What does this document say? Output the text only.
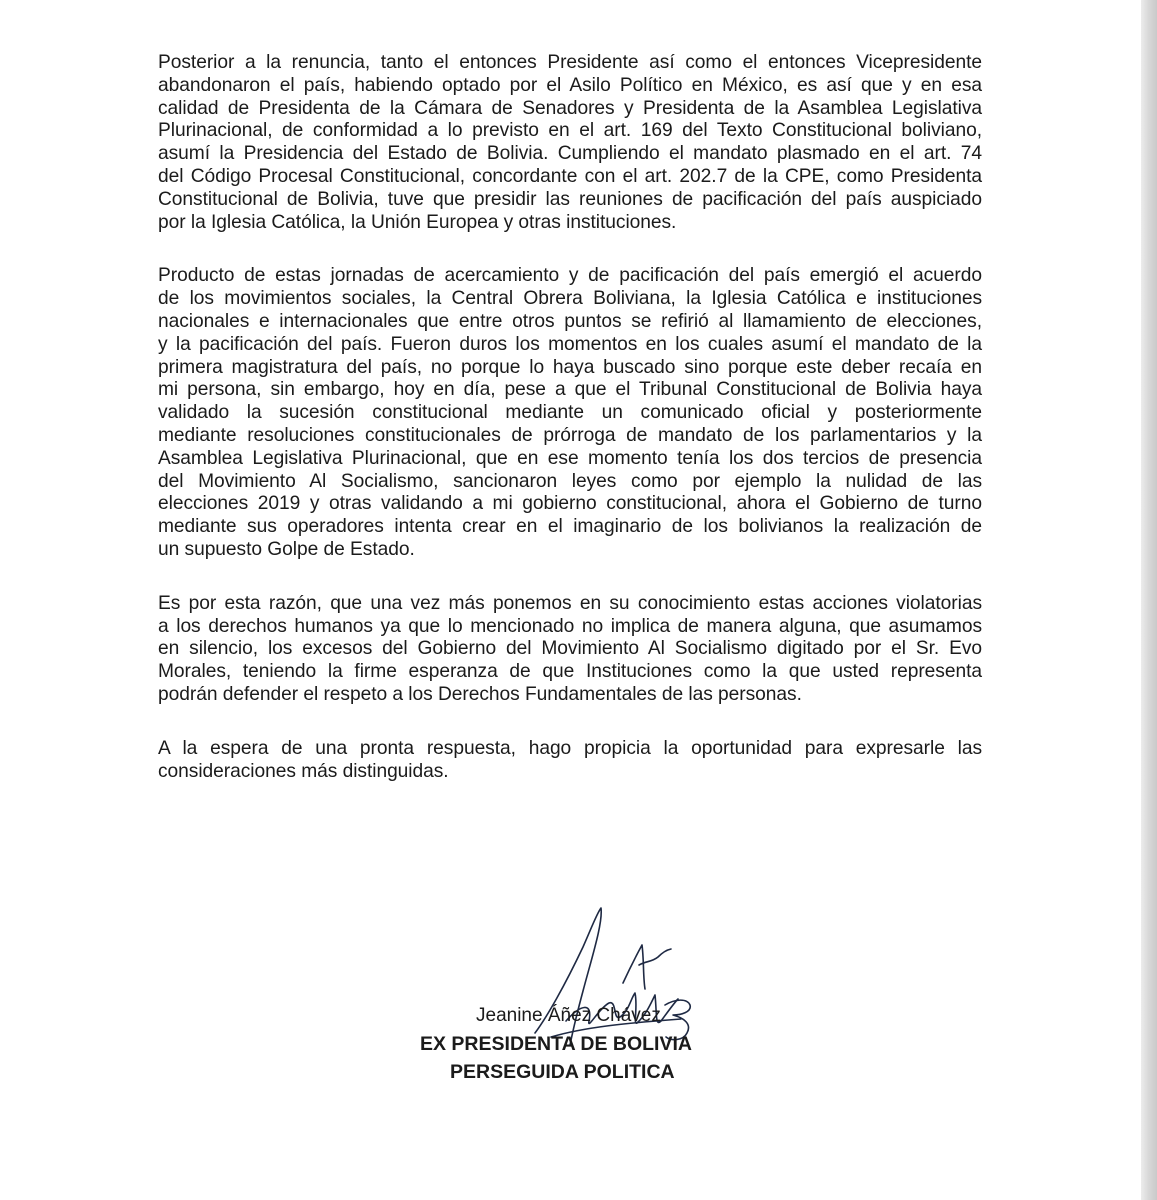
Posterior a la renuncia, tanto el entonces Presidente así como el entonces Vicepresidente
abandonaron el país, habiendo optado por el Asilo Político en México, es así que y en esa
calidad de Presidenta de la Cámara de Senadores y Presidenta de la Asamblea Legislativa
Plurinacional, de conformidad a lo previsto en el art. 169 del Texto Constitucional boliviano,
asumí la Presidencia del Estado de Bolivia. Cumpliendo el mandato plasmado en el art. 74
del Código Procesal Constitucional, concordante con el art. 202.7 de la CPE, como Presidenta
Constitucional de Bolivia, tuve que presidir las reuniones de pacificación del país auspiciado
por la Iglesia Católica, la Unión Europea y otras instituciones.

Producto de estas jornadas de acercamiento y de pacificación del país emergió el acuerdo
de los movimientos sociales, la Central Obrera Boliviana, la Iglesia Católica e instituciones
nacionales e internacionales que entre otros puntos se refirió al llamamiento de elecciones,
y la pacificación del país. Fueron duros los momentos en los cuales asumí el mandato de la
primera magistratura del país, no porque lo haya buscado sino porque este deber recaía en
mi persona, sin embargo, hoy en día, pese a que el Tribunal Constitucional de Bolivia haya
validado la sucesión constitucional mediante un comunicado oficial y posteriormente
mediante resoluciones constitucionales de prórroga de mandato de los parlamentarios y la
Asamblea Legislativa Plurinacional, que en ese momento tenía los dos tercios de presencia
del Movimiento Al Socialismo, sancionaron leyes como por ejemplo la nulidad de las
elecciones 2019 y otras validando a mi gobierno constitucional, ahora el Gobierno de turno
mediante sus operadores intenta crear en el imaginario de los bolivianos la realización de
un supuesto Golpe de Estado.

Es por esta razón, que una vez más ponemos en su conocimiento estas acciones violatorias
a los derechos humanos ya que lo mencionado no implica de manera alguna, que asumamos
en silencio, los excesos del Gobierno del Movimiento Al Socialismo digitado por el Sr. Evo
Morales, teniendo la firme esperanza de que Instituciones como la que usted representa
podrán defender el respeto a los Derechos Fundamentales de las personas.

A la espera de una pronta respuesta, hago propicia la oportunidad para expresarle las
consideraciones más distinguidas.

Jeanine Áñez Chávez
EX PRESIDENTA DE BOLIVIA
PERSEGUIDA POLITICA
